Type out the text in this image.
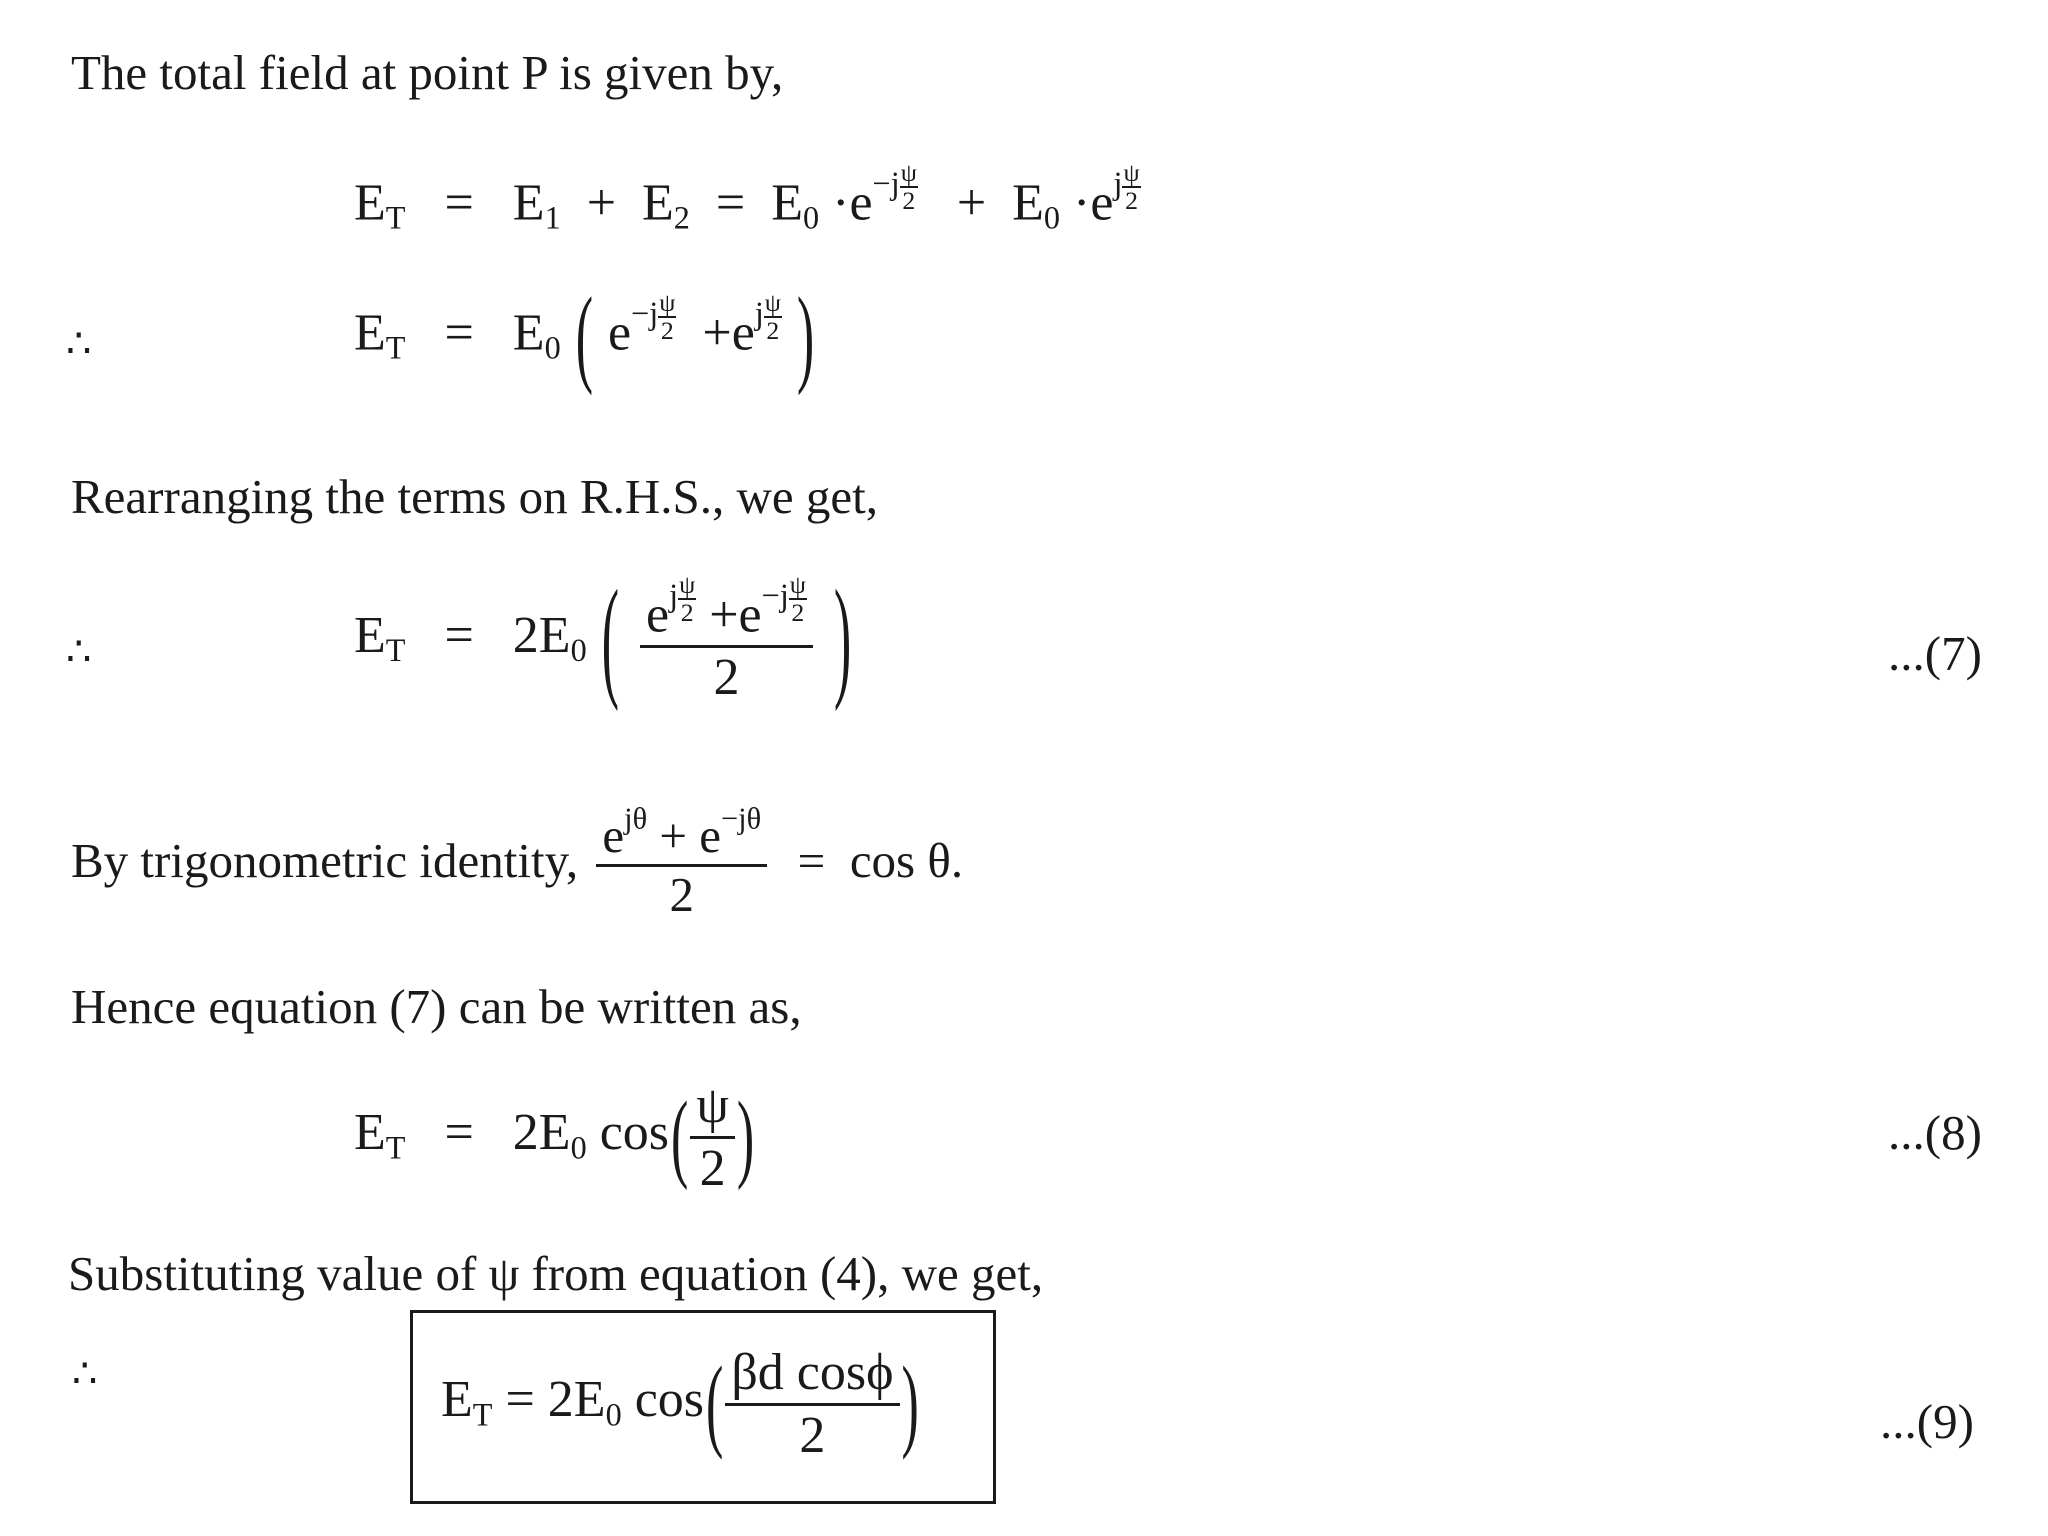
The total field at point P is given by,
$E_T = E_1 + E_2 = E_0 \cdot e^{-j \frac{\psi}{2}} + E_0 \cdot e^{j \frac{\psi}{2}}$
∴	$E_T = E_0$ ( $e^{-j \frac{\psi}{2}} +e^{j \frac{\psi}{2}}$ )
Rearranging the terms on R.H.S., we get,
∴	$E_T = 2E_0$ ( $e^{j \frac{\psi}{2}} +e^{-j \frac{\psi}{2}}$
2 )	...(7)
By trigonometric identity, $\frac{e^{j\theta} + e^{-j\theta}}{2} = \cos \theta$.
Hence equation (7) can be written as,
$E_T = 2E_0$ $\cos( \frac{\psi}{2}$ )	...(8)
Substituting value of ψ from equation (4), we get,
∴	$E_T = 2E_0$ $\cos( \frac{\text{βd cosϕ}}{2}$ )	...(9)
